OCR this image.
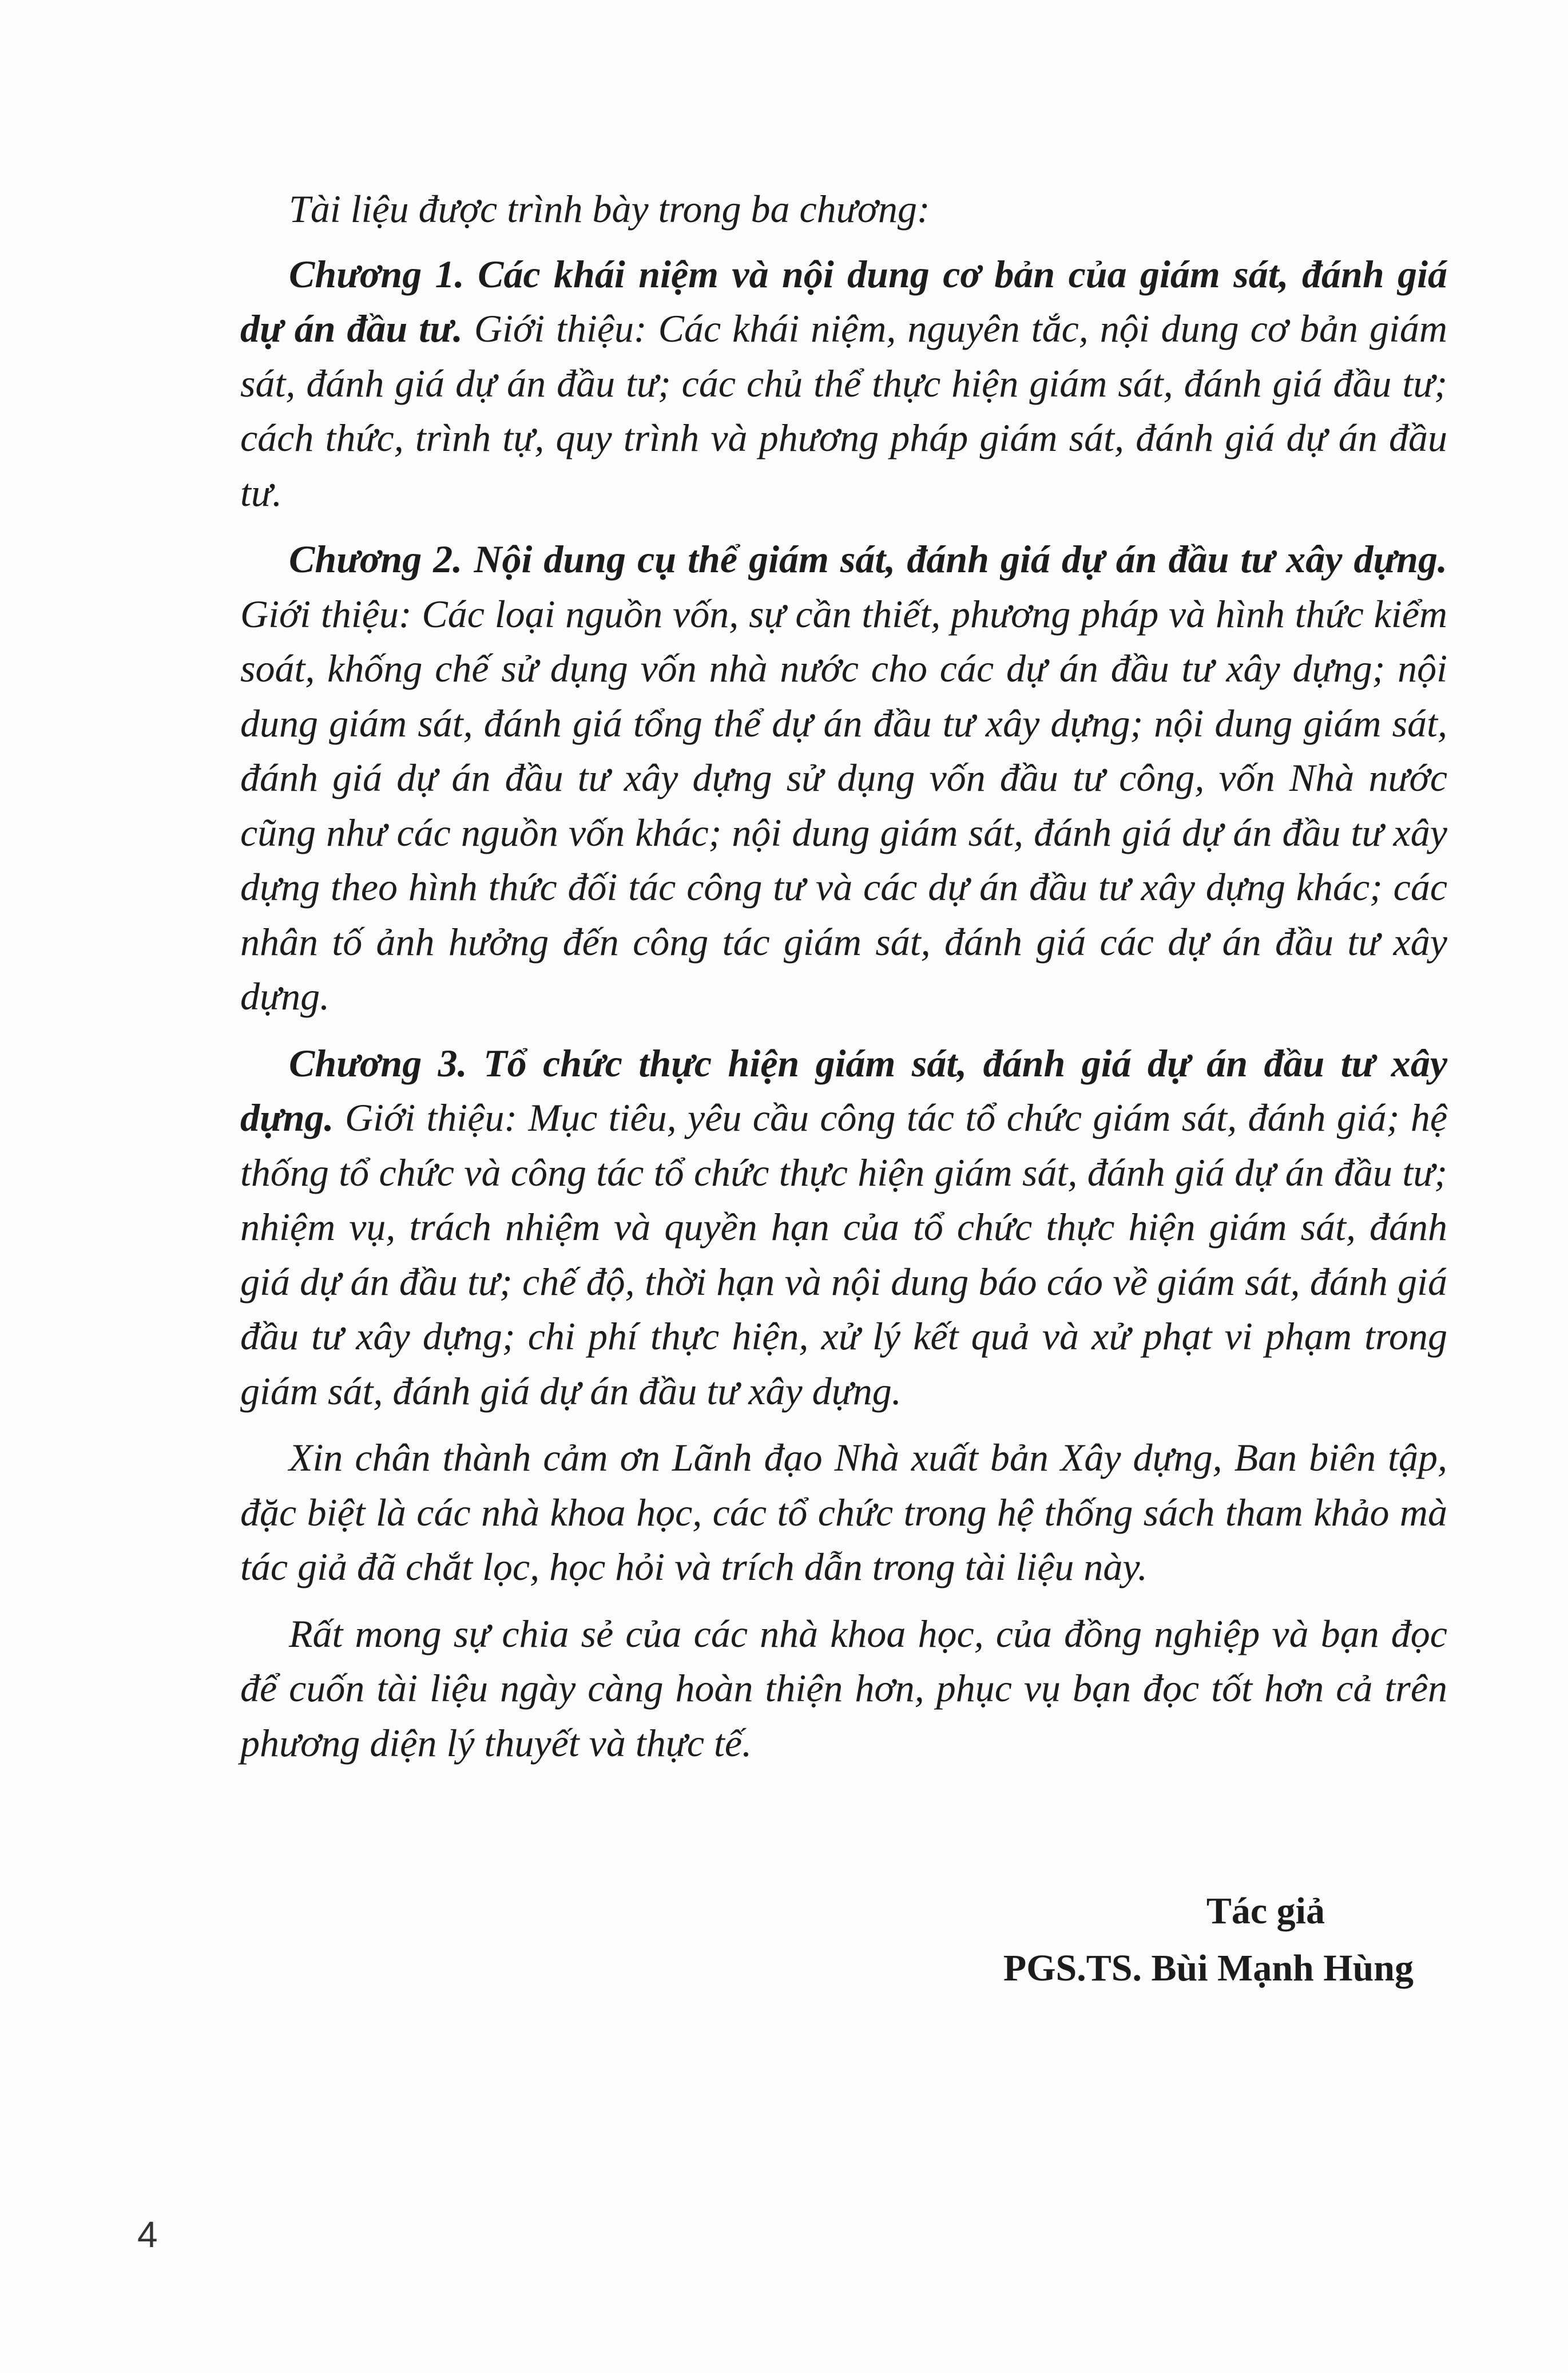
Tài liệu được trình bày trong ba chương:

Chương 1. Các khái niệm và nội dung cơ bản của giám sát, đánh giá dự án đầu tư. Giới thiệu: Các khái niệm, nguyên tắc, nội dung cơ bản giám sát, đánh giá dự án đầu tư; các chủ thể thực hiện giám sát, đánh giá đầu tư; cách thức, trình tự, quy trình và phương pháp giám sát, đánh giá dự án đầu tư.

Chương 2. Nội dung cụ thể giám sát, đánh giá dự án đầu tư xây dựng. Giới thiệu: Các loại nguồn vốn, sự cần thiết, phương pháp và hình thức kiểm soát, khống chế sử dụng vốn nhà nước cho các dự án đầu tư xây dựng; nội dung giám sát, đánh giá tổng thể dự án đầu tư xây dựng; nội dung giám sát, đánh giá dự án đầu tư xây dựng sử dụng vốn đầu tư công, vốn Nhà nước cũng như các nguồn vốn khác; nội dung giám sát, đánh giá dự án đầu tư xây dựng theo hình thức đối tác công tư và các dự án đầu tư xây dựng khác; các nhân tố ảnh hưởng đến công tác giám sát, đánh giá các dự án đầu tư xây dựng.

Chương 3. Tổ chức thực hiện giám sát, đánh giá dự án đầu tư xây dựng. Giới thiệu: Mục tiêu, yêu cầu công tác tổ chức giám sát, đánh giá; hệ thống tổ chức và công tác tổ chức thực hiện giám sát, đánh giá dự án đầu tư; nhiệm vụ, trách nhiệm và quyền hạn của tổ chức thực hiện giám sát, đánh giá dự án đầu tư; chế độ, thời hạn và nội dung báo cáo về giám sát, đánh giá đầu tư xây dựng; chi phí thực hiện, xử lý kết quả và xử phạt vi phạm trong giám sát, đánh giá dự án đầu tư xây dựng.

Xin chân thành cảm ơn Lãnh đạo Nhà xuất bản Xây dựng, Ban biên tập, đặc biệt là các nhà khoa học, các tổ chức trong hệ thống sách tham khảo mà tác giả đã chắt lọc, học hỏi và trích dẫn trong tài liệu này.

Rất mong sự chia sẻ của các nhà khoa học, của đồng nghiệp và bạn đọc để cuốn tài liệu ngày càng hoàn thiện hơn, phục vụ bạn đọc tốt hơn cả trên phương diện lý thuyết và thực tế.

Tác giả
PGS.TS. Bùi Mạnh Hùng
4
